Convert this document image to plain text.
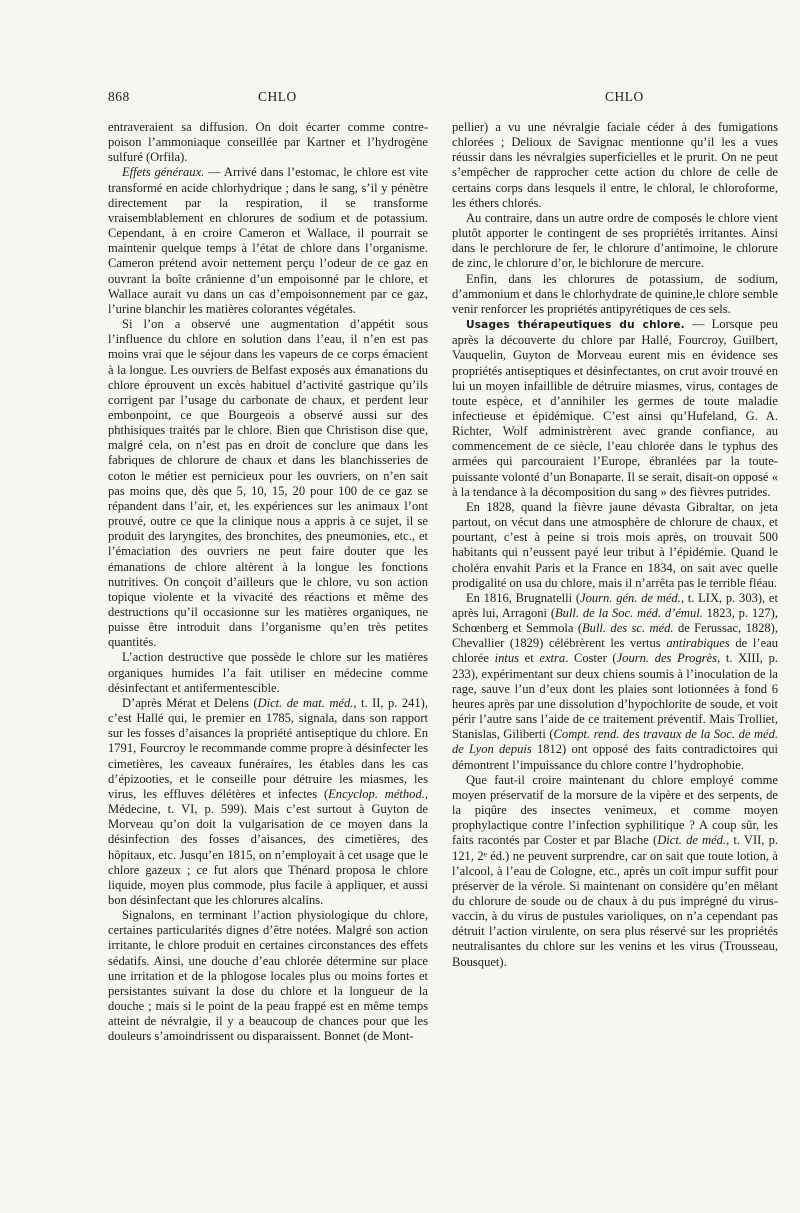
868	CHLO	CHLO

entraveraient sa diffusion. On doit écarter comme contre-poison l’ammoniaque conseillée par Kartner et l’hydrogène sulfuré (Orfila).

Effets généraux. — Arrivé dans l’estomac, le chlore est vite transformé en acide chlorhydrique ; dans le sang, s’il y pénètre directement par la respiration, il se transforme vraisemblablement en chlorures de sodium et de potassium. Cependant, à en croire Cameron et Wallace, il pourrait se maintenir quelque temps à l’état de chlore dans l’organisme. Cameron prétend avoir nettement perçu l’odeur de ce gaz en ouvrant la boîte crânienne d’un empoisonné par le chlore, et Wallace aurait vu dans un cas d’empoisonnement par ce gaz, l’urine blanchir les matières colorantes végétales.

Si l’on a observé une augmentation d’appétit sous l’influence du chlore en solution dans l’eau, il n’en est pas moins vrai que le séjour dans les vapeurs de ce corps émacient à la longue. Les ouvriers de Belfast exposés aux émanations du chlore éprouvent un excès habituel d’activité gastrique qu’ils corrigent par l’usage du carbonate de chaux, et perdent leur embonpoint, ce que Bourgeois a observé aussi sur des phthisiques traités par le chlore. Bien que Christison dise que, malgré cela, on n’est pas en droit de conclure que dans les fabriques de chlorure de chaux et dans les blanchisseries de coton le métier est pernicieux pour les ouvriers, on n’en sait pas moins que, dès que 5, 10, 15, 20 pour 100 de ce gaz se répandent dans l’air, et, les expériences sur les animaux l’ont prouvé, outre ce que la clinique nous a appris à ce sujet, il se produit des laryngites, des bronchites, des pneumonies, etc., et l’émaciation des ouvriers ne peut faire douter que les émanations de chlore altèrent à la longue les fonctions nutritives. On conçoit d’ailleurs que le chlore, vu son action topique violente et la vivacité des réactions et même des destructions qu’il occasionne sur les matières organiques, ne puisse être introduit dans l’organisme qu’en très petites quantités.

L’action destructive que possède le chlore sur les matières organiques humides l’a fait utiliser en médecine comme désinfectant et antifermentescible.

D’après Mérat et Delens (Dict. de mat. méd., t. II, p. 241), c’est Hallé qui, le premier en 1785, signala, dans son rapport sur les fosses d’aisances la propriété antiseptique du chlore. En 1791, Fourcroy le recommande comme propre à désinfecter les cimetières, les caveaux funéraires, les étables dans les cas d’épizooties, et le conseille pour détruire les miasmes, les virus, les effluves délétères et infectes (Encyclop. méthod., Médecine, t. VI, p. 599). Mais c’est surtout à Guyton de Morveau qu’on doit la vulgarisation de ce moyen dans la désinfection des fosses d’aisances, des cimetières, des hôpitaux, etc. Jusqu’en 1815, on n’employait à cet usage que le chlore gazeux ; ce fut alors que Thénard proposa le chlore liquide, moyen plus commode, plus facile à appliquer, et aussi bon désinfectant que les chlorures alcalins.

Signalons, en terminant l’action physiologique du chlore, certaines particularités dignes d’être notées. Malgré son action irritante, le chlore produit en certaines circonstances des effets sédatifs. Ainsi, une douche d’eau chlorée détermine sur place une irritation et de la phlogose locales plus ou moins fortes et persistantes suivant la dose du chlore et la longueur de la douche ; mais si le point de la peau frappé est en même temps atteint de névralgie, il y a beaucoup de chances pour que les douleurs s’amoindrissent ou disparaissent. Bonnet (de Mont-

pellier) a vu une névralgie faciale céder à des fumigations chlorées ; Delioux de Savignac mentionne qu’il les a vues réussir dans les névralgies superficielles et le prurit. On ne peut s’empêcher de rapprocher cette action du chlore de celle de certains corps dans lesquels il entre, le chloral, le chloroforme, les éthers chlorés.

Au contraire, dans un autre ordre de composés le chlore vient plutôt apporter le contingent de ses propriétés irritantes. Ainsi dans le perchlorure de fer, le chlorure d’antimoine, le chlorure de zinc, le chlorure d’or, le bichlorure de mercure.

Enfin, dans les chlorures de potassium, de sodium, d’ammonium et dans le chlorhydrate de quinine,le chlore semble venir renforcer les propriétés antipyrétiques de ces sels.

Usages thérapeutiques du chlore. — Lorsque peu après la découverte du chlore par Hallé, Fourcroy, Guilbert, Vauquelin, Guyton de Morveau eurent mis en évidence ses propriétés antiseptiques et désinfectantes, on crut avoir trouvé en lui un moyen infaillible de détruire miasmes, virus, contages de toute espèce, et d’annihiler les germes de toute maladie infectieuse et épidémique. C’est ainsi qu’Hufeland, G. A. Richter, Wolf administrèrent avec grande confiance, au commencement de ce siècle, l’eau chlorée dans le typhus des armées qui parcouraient l’Europe, ébranlées par la toute-puissante volonté d’un Bonaparte. Il se serait, disait-on opposé « à la tendance à la décomposition du sang » des fièvres putrides.

En 1828, quand la fièvre jaune dévasta Gibraltar, on jeta partout, on vécut dans une atmosphère de chlorure de chaux, et pourtant, c’est à peine si trois mois après, on trouvait 500 habitants qui n’eussent payé leur tribut à l’épidémie. Quand le choléra envahit Paris et la France en 1834, on sait avec quelle prodigalité on usa du chlore, mais il n’arrêta pas le terrible fléau.

En 1816, Brugnatelli (Journ. gén. de méd., t. LIX, p. 303), et après lui, Arragoni (Bull. de la Soc. méd. d’émul. 1823, p. 127), Schœnberg et Semmola (Bull. des sc. méd. de Ferussac, 1828), Chevallier (1829) célébrèrent les vertus antirabiques de l’eau chlorée intus et extra. Coster (Journ. des Progrès, t. XIII, p. 233), expérimentant sur deux chiens soumis à l’inoculation de la rage, sauve l’un d’eux dont les plaies sont lotionnées à fond 6 heures après par une dissolution d’hypochlorite de soude, et voit périr l’autre sans l’aide de ce traitement préventif. Mais Trolliet, Stanislas, Giliberti (Compt. rend. des travaux de la Soc. de méd. de Lyon depuis 1812) ont opposé des faits contradictoires qui démontrent l’impuissance du chlore contre l’hydrophobie.

Que faut-il croire maintenant du chlore employé comme moyen préservatif de la morsure de la vipère et des serpents, de la piqûre des insectes venimeux, et comme moyen prophylactique contre l’infection syphilitique ? A coup sûr, les faits racontés par Coster et par Blache (Dict. de méd., t. VII, p. 121, 2ᵉ éd.) ne peuvent surprendre, car on sait que toute lotion, à l’alcool, à l’eau de Cologne, etc., après un coït impur suffit pour préserver de la vérole. Si maintenant on considère qu’en mêlant du chlorure de soude ou de chaux à du pus imprégné du virus-vaccin, à du virus de pustules varioliques, on n’a cependant pas détruit l’action virulente, on sera plus réservé sur les propriétés neutralisantes du chlore sur les venins et les virus (Trousseau, Bousquet).
